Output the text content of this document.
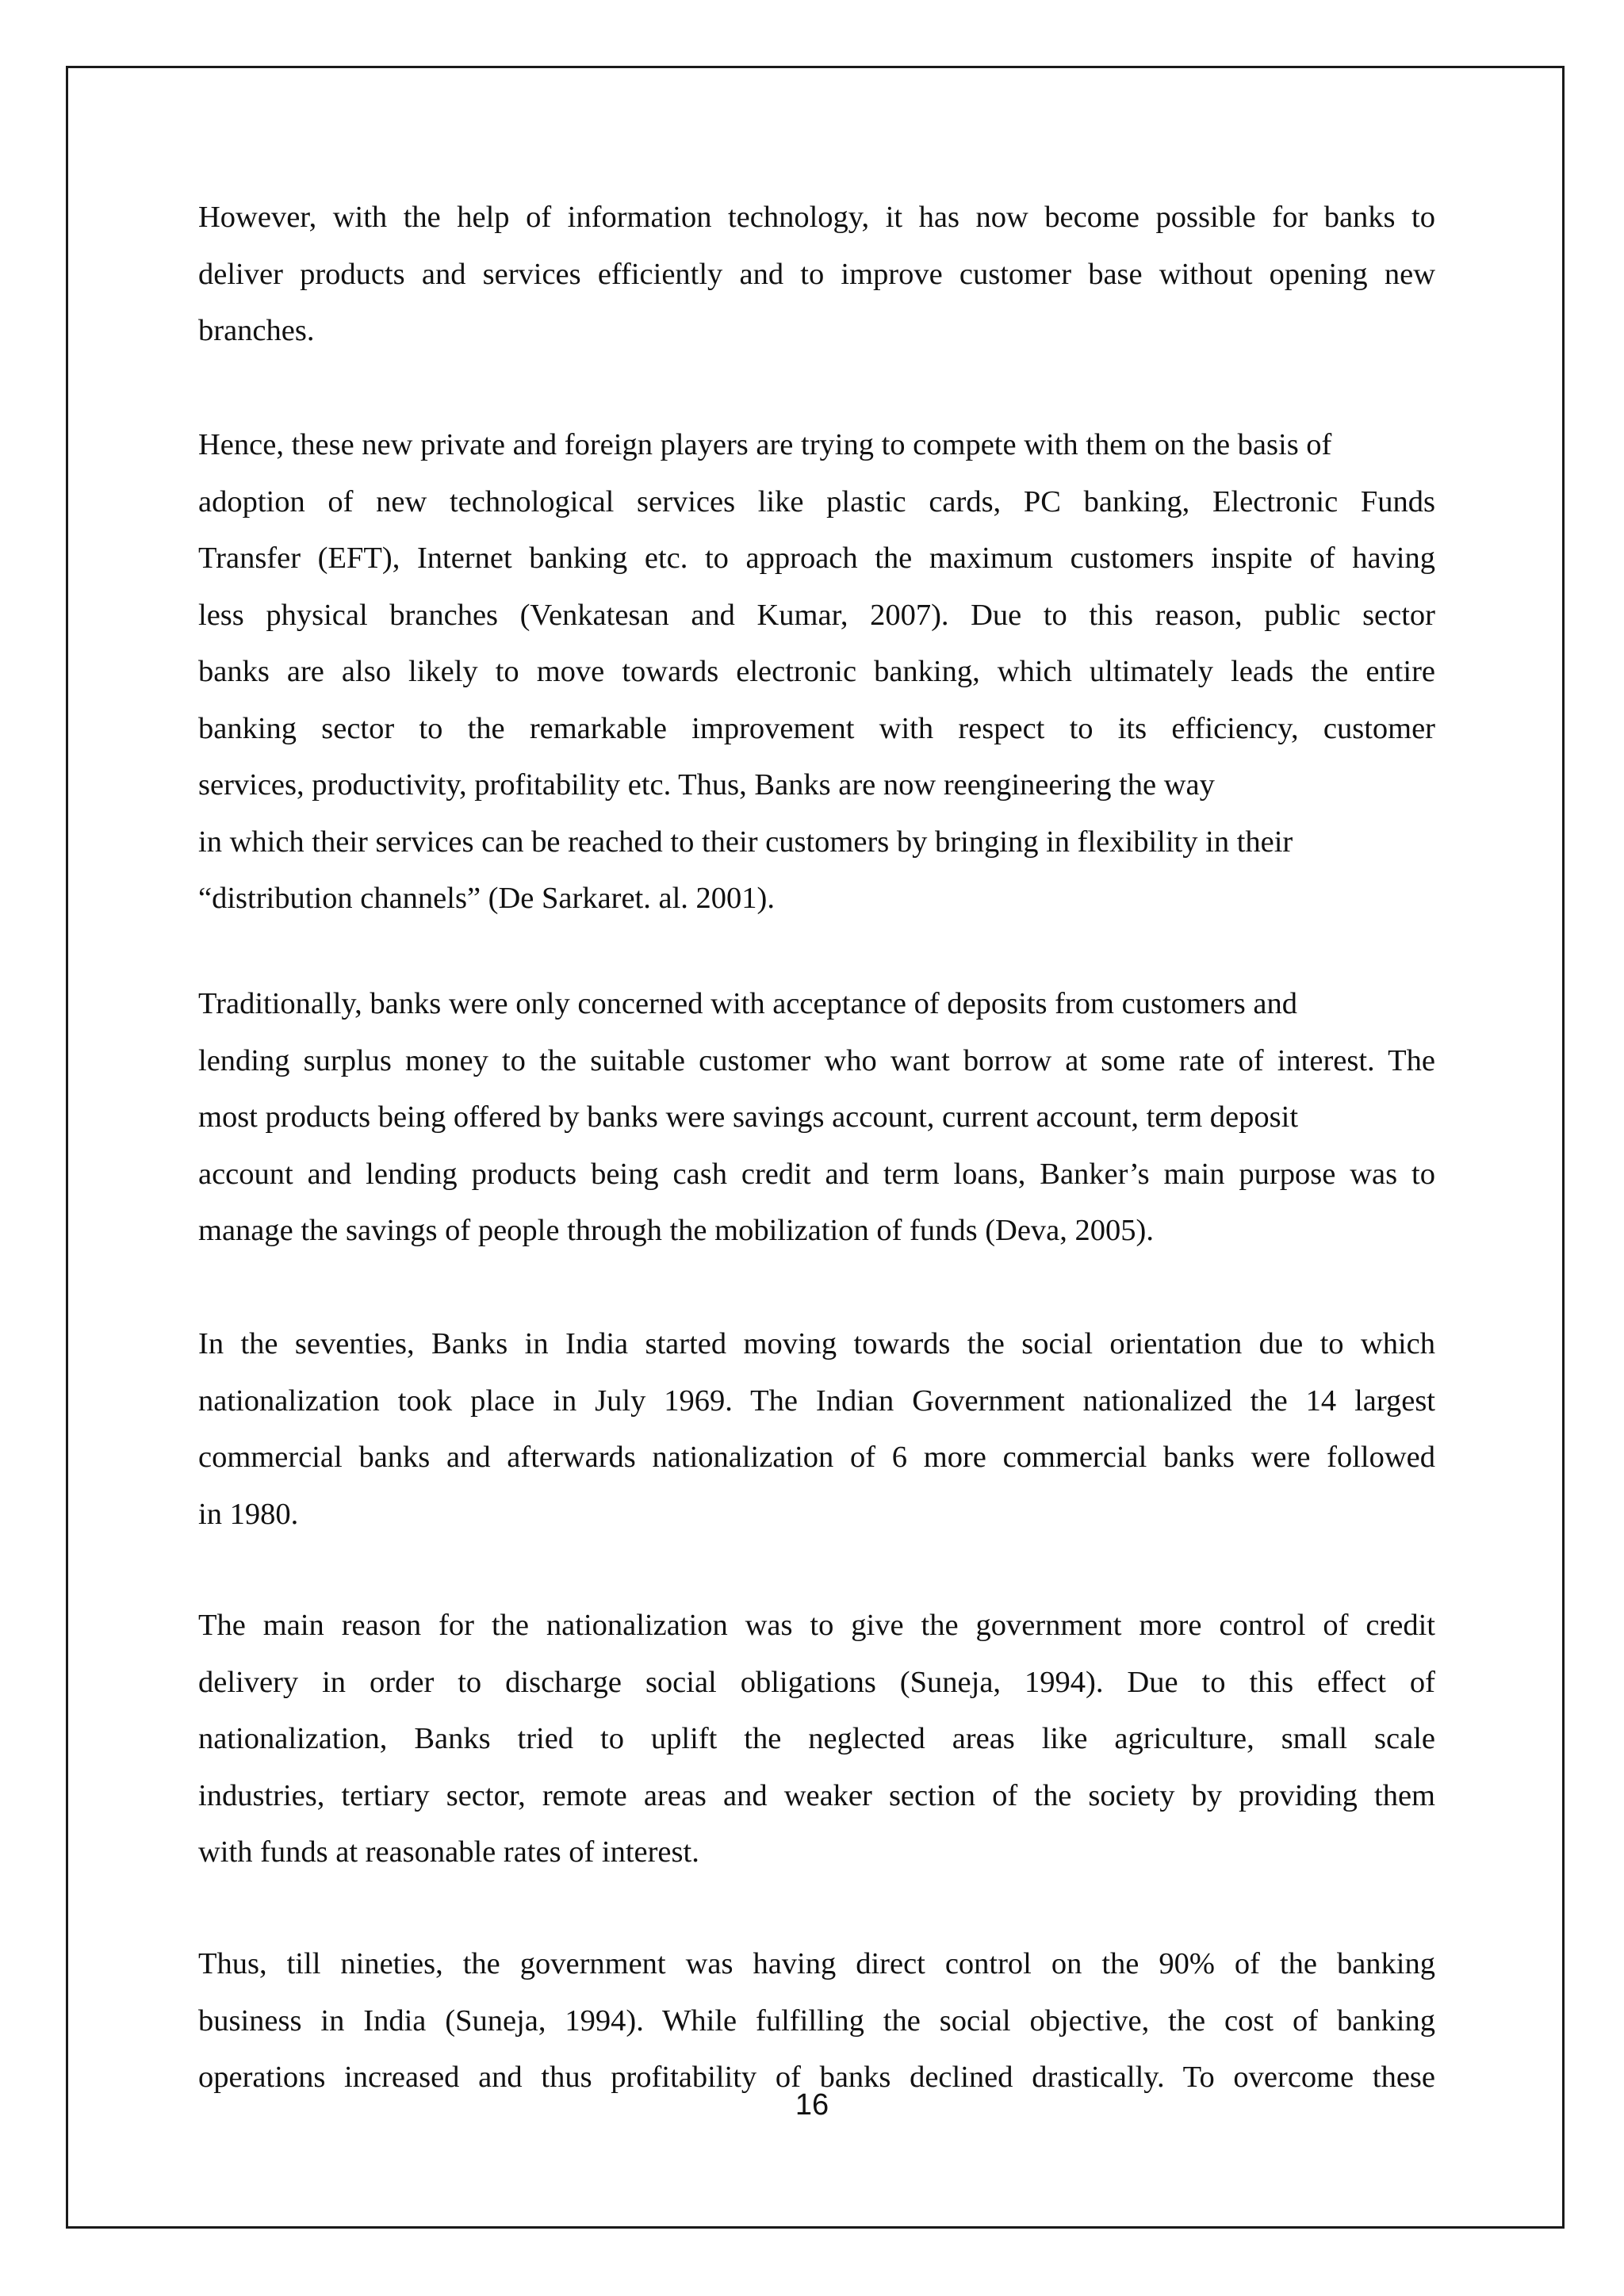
However, with the help of information technology, it has now become possible for banks to
deliver products and services efficiently and to improve customer base without opening new
branches.
Hence, these new private and foreign players are trying to compete with them on the basis of
adoption of new technological services like plastic cards, PC banking, Electronic Funds
Transfer (EFT), Internet banking etc. to approach the maximum customers inspite of having
less physical branches (Venkatesan and Kumar, 2007). Due to this reason, public sector
banks are also likely to move towards electronic banking, which ultimately leads the entire
banking sector to the remarkable improvement with respect to its efficiency, customer
services, productivity, profitability etc. Thus, Banks are now reengineering the way
in which their services can be reached to their customers by bringing in flexibility in their
“distribution channels” (De Sarkaret. al. 2001).
Traditionally, banks were only concerned with acceptance of deposits from customers and
lending surplus money to the suitable customer who want borrow at some rate of interest. The
most products being offered by banks were savings account, current account, term deposit
account and lending products being cash credit and term loans, Banker’s main purpose was to
manage the savings of people through the mobilization of funds (Deva, 2005).
In the seventies, Banks in India started moving towards the social orientation due to which
nationalization took place in July 1969. The Indian Government nationalized the 14 largest
commercial banks and afterwards nationalization of 6 more commercial banks were followed
in 1980.
The main reason for the nationalization was to give the government more control of credit
delivery in order to discharge social obligations (Suneja, 1994). Due to this effect of
nationalization, Banks tried to uplift the neglected areas like agriculture, small scale
industries, tertiary sector, remote areas and weaker section of the society by providing them
with funds at reasonable rates of interest.
Thus, till nineties, the government was having direct control on the 90% of the banking
business in India (Suneja, 1994). While fulfilling the social objective, the cost of banking
operations increased and thus profitability of banks declined drastically. To overcome these
16
